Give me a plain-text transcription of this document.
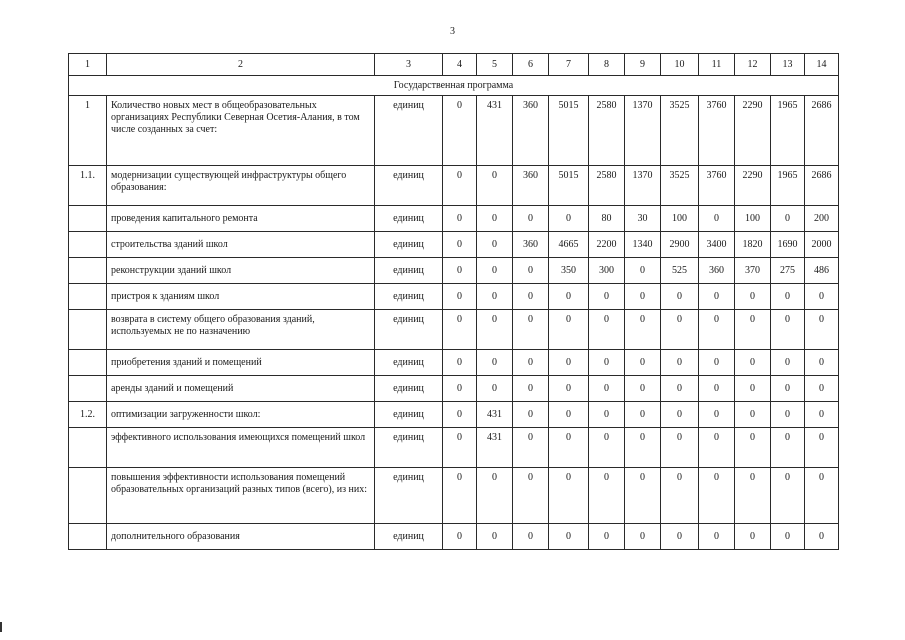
3
1	2	3	4	5	6	7	8	9	10	11	12	13	14
Государственная программа													
1	Количество новых мест в общеобразовательных организациях Республики Северная Осетия-Алания, в том числе созданных за счет:	единиц	0	431	360	5015	2580	1370	3525	3760	2290	1965	2686
1.1.	модернизации существующей инфраструктуры общего образования:	единиц	0	0	360	5015	2580	1370	3525	3760	2290	1965	2686
	проведения капитального ремонта	единиц	0	0	0	0	80	30	100	0	100	0	200
	строительства зданий школ	единиц	0	0	360	4665	2200	1340	2900	3400	1820	1690	2000
	реконструкции зданий школ	единиц	0	0	0	350	300	0	525	360	370	275	486
	пристроя к зданиям школ	единиц	0	0	0	0	0	0	0	0	0	0	0
	возврата в систему общего образования зданий, используемых не по назначению	единиц	0	0	0	0	0	0	0	0	0	0	0
	приобретения зданий и помещений	единиц	0	0	0	0	0	0	0	0	0	0	0
	аренды зданий и помещений	единиц	0	0	0	0	0	0	0	0	0	0	0
1.2.	оптимизации загруженности школ:	единиц	0	431	0	0	0	0	0	0	0	0	0
	эффективного использования имеющихся помещений школ	единиц	0	431	0	0	0	0	0	0	0	0	0
	повышения эффективности использования помещений образовательных организаций разных типов (всего), из них:	единиц	0	0	0	0	0	0	0	0	0	0	0
	дополнительного образования	единиц	0	0	0	0	0	0	0	0	0	0	0
